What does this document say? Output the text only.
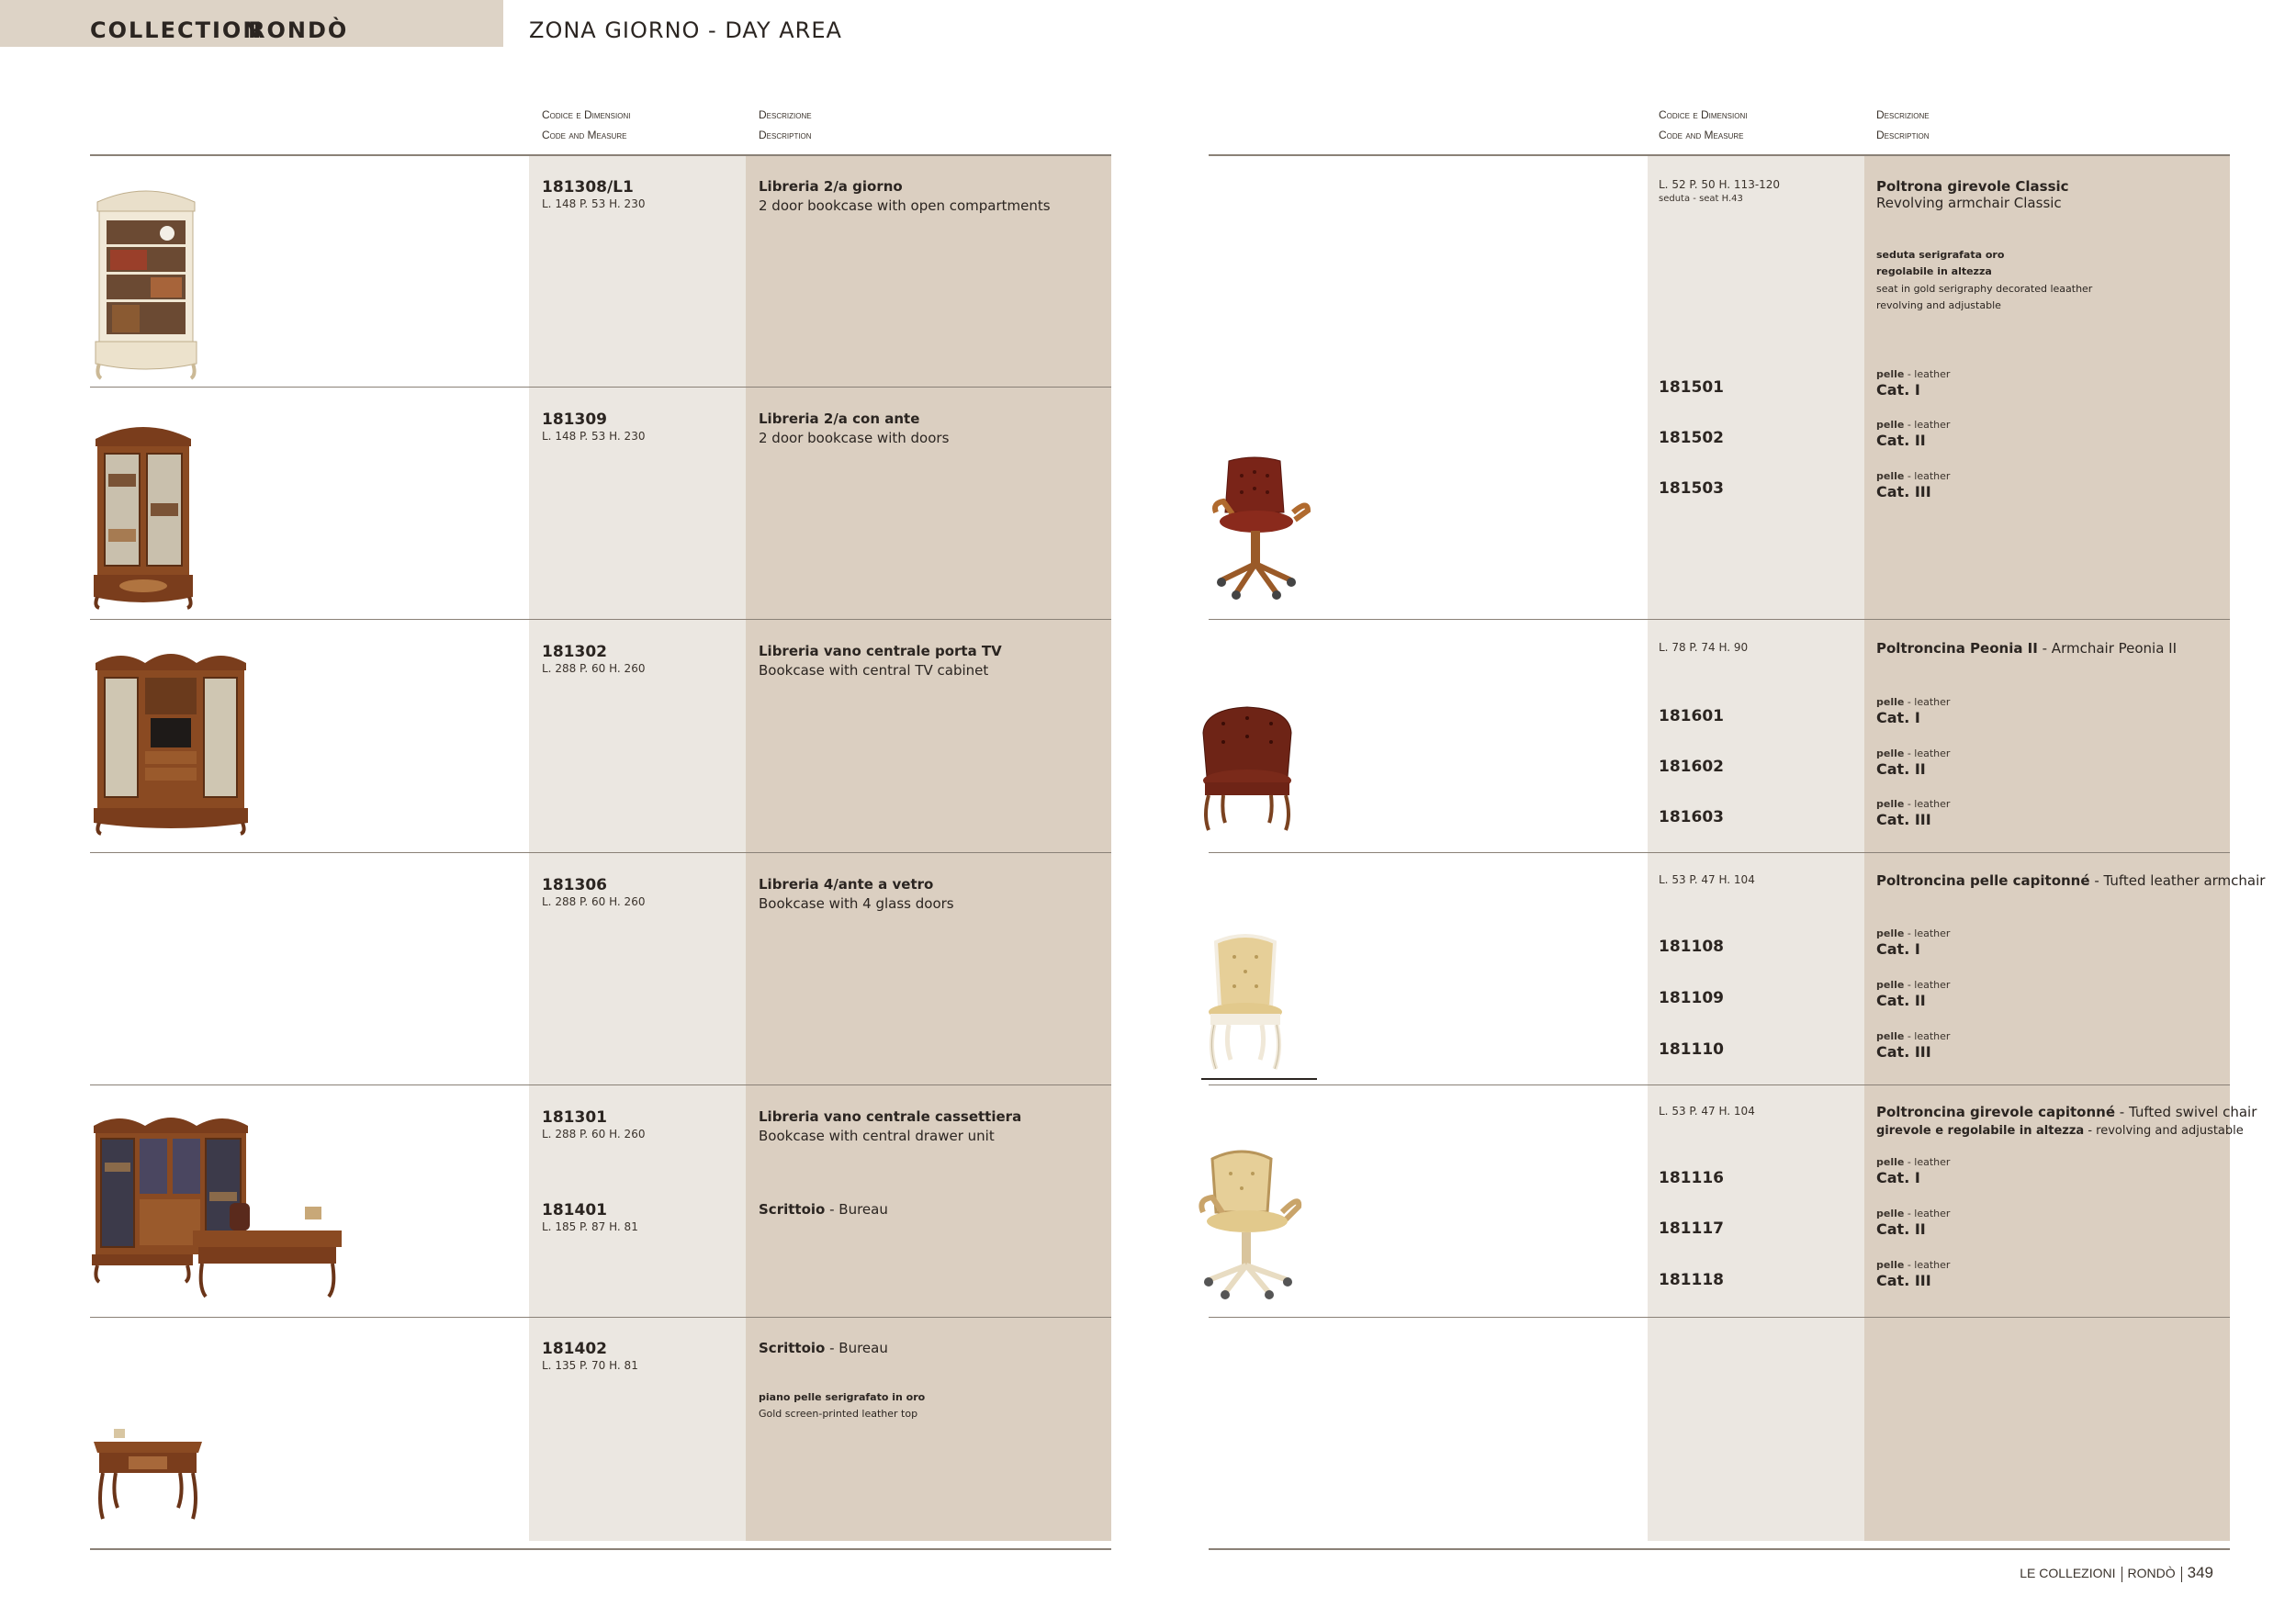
COLLECTION
RONDÒ	ZONA GIORNO - DAY AREA
Codice e Dimensioni
Code and Measure
Descrizione
Description
Codice e Dimensioni
Code and Measure
Descrizione
Description
181308/L1
L. 148 P. 53 H. 230
Libreria 2/a giorno
2 door bookcase with open compartments
181309
L. 148 P. 53 H. 230
Libreria 2/a con ante
2 door bookcase with doors
181302
L. 288 P. 60 H. 260
Libreria vano centrale porta TV
Bookcase with central TV cabinet
181306
L. 288 P. 60 H. 260
Libreria 4/ante a vetro
Bookcase with 4 glass doors
181301
L. 288 P. 60 H. 260
Libreria vano centrale cassettiera
Bookcase with central drawer unit
181401
L. 185 P. 87 H. 81
Scrittoio - Bureau
181402
L. 135 P. 70 H. 81
Scrittoio - Bureau
piano pelle serigrafato in oro
Gold screen-printed leather top
L. 52 P. 50 H. 113-120
seduta - seat H.43
Poltrona girevole Classic
Revolving armchair Classic
seduta serigrafata oro
regolabile in altezza
seat in gold serigraphy decorated leaather
revolving and adjustable
181501
pelle - leather
Cat. I
181502
pelle - leather
Cat. II
181503
pelle - leather
Cat. III
L. 78 P. 74 H. 90	Poltroncina Peonia II - Armchair Peonia II
181601
pelle - leather
Cat. I
181602
pelle - leather
Cat. II
181603
pelle - leather
Cat. III
L. 53 P. 47 H. 104	Poltroncina pelle capitonné - Tufted leather armchair
181108
pelle - leather
Cat. I
181109
pelle - leather
Cat. II
181110
pelle - leather
Cat. III
L. 53 P. 47 H. 104	Poltroncina girevole capitonné - Tufted swivel chair
girevole e regolabile in altezza - revolving and adjustable
181116
pelle - leather
Cat. I
181117
pelle - leather
Cat. II
181118
pelle - leather
Cat. III
LE COLLEZIONI RONDÒ 349
